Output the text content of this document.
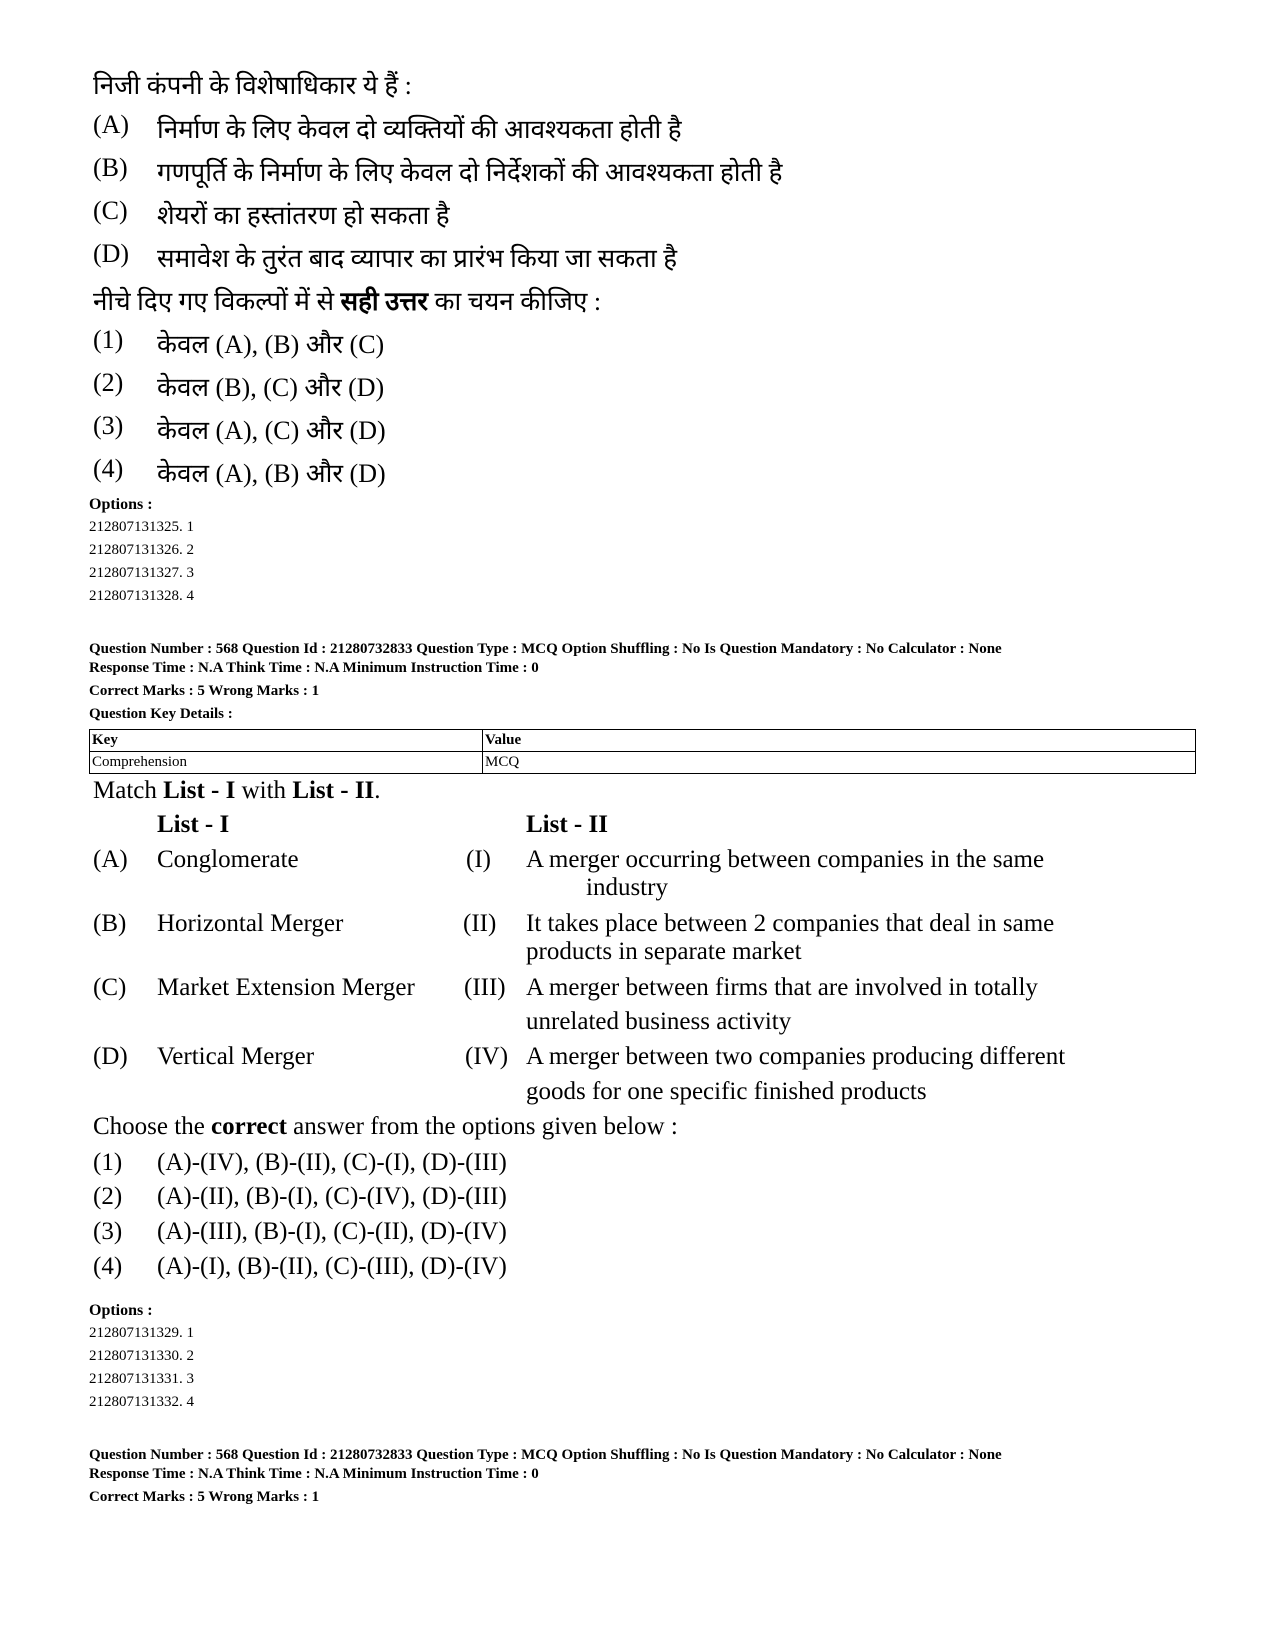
निजी कंपनी के विशेषाधिकार ये हैं :
(A) निर्माण के लिए केवल दो व्यक्तियों की आवश्यकता होती है
(B) गणपूर्ति के निर्माण के लिए केवल दो निर्देशकों की आवश्यकता होती है
(C) शेयरों का हस्तांतरण हो सकता है
(D) समावेश के तुरंत बाद व्यापार का प्रारंभ किया जा सकता है
नीचे दिए गए विकल्पों में से सही उत्तर का चयन कीजिए :
(1) केवल (A), (B) और (C)
(2) केवल (B), (C) और (D)
(3) केवल (A), (C) और (D)
(4) केवल (A), (B) और (D)
Options :
212807131325. 1
212807131326. 2
212807131327. 3
212807131328. 4
Question Number : 568 Question Id : 21280732833 Question Type : MCQ Option Shuffling : No Is Question Mandatory : No Calculator : None
Response Time : N.A Think Time : N.A Minimum Instruction Time : 0
Correct Marks : 5 Wrong Marks : 1
Question Key Details :
Key	Value
Comprehension	MCQ
Match List - I with List - II.
List - I	List - II
(A) Conglomerate	(I) A merger occurring between companies in the same
industry
(B) Horizontal Merger	(II) It takes place between 2 companies that deal in same
products in separate market
(C) Market Extension Merger (III) A merger between firms that are involved in totally
unrelated business activity
(D) Vertical Merger	(IV) A merger between two companies producing different
goods for one specific finished products
Choose the correct answer from the options given below :
(1) (A)-(IV), (B)-(II), (C)-(I), (D)-(III)
(2) (A)-(II), (B)-(I), (C)-(IV), (D)-(III)
(3) (A)-(III), (B)-(I), (C)-(II), (D)-(IV)
(4) (A)-(I), (B)-(II), (C)-(III), (D)-(IV)
Options :
212807131329. 1
212807131330. 2
212807131331. 3
212807131332. 4
Question Number : 568 Question Id : 21280732833 Question Type : MCQ Option Shuffling : No Is Question Mandatory : No Calculator : None
Response Time : N.A Think Time : N.A Minimum Instruction Time : 0
Correct Marks : 5 Wrong Marks : 1
